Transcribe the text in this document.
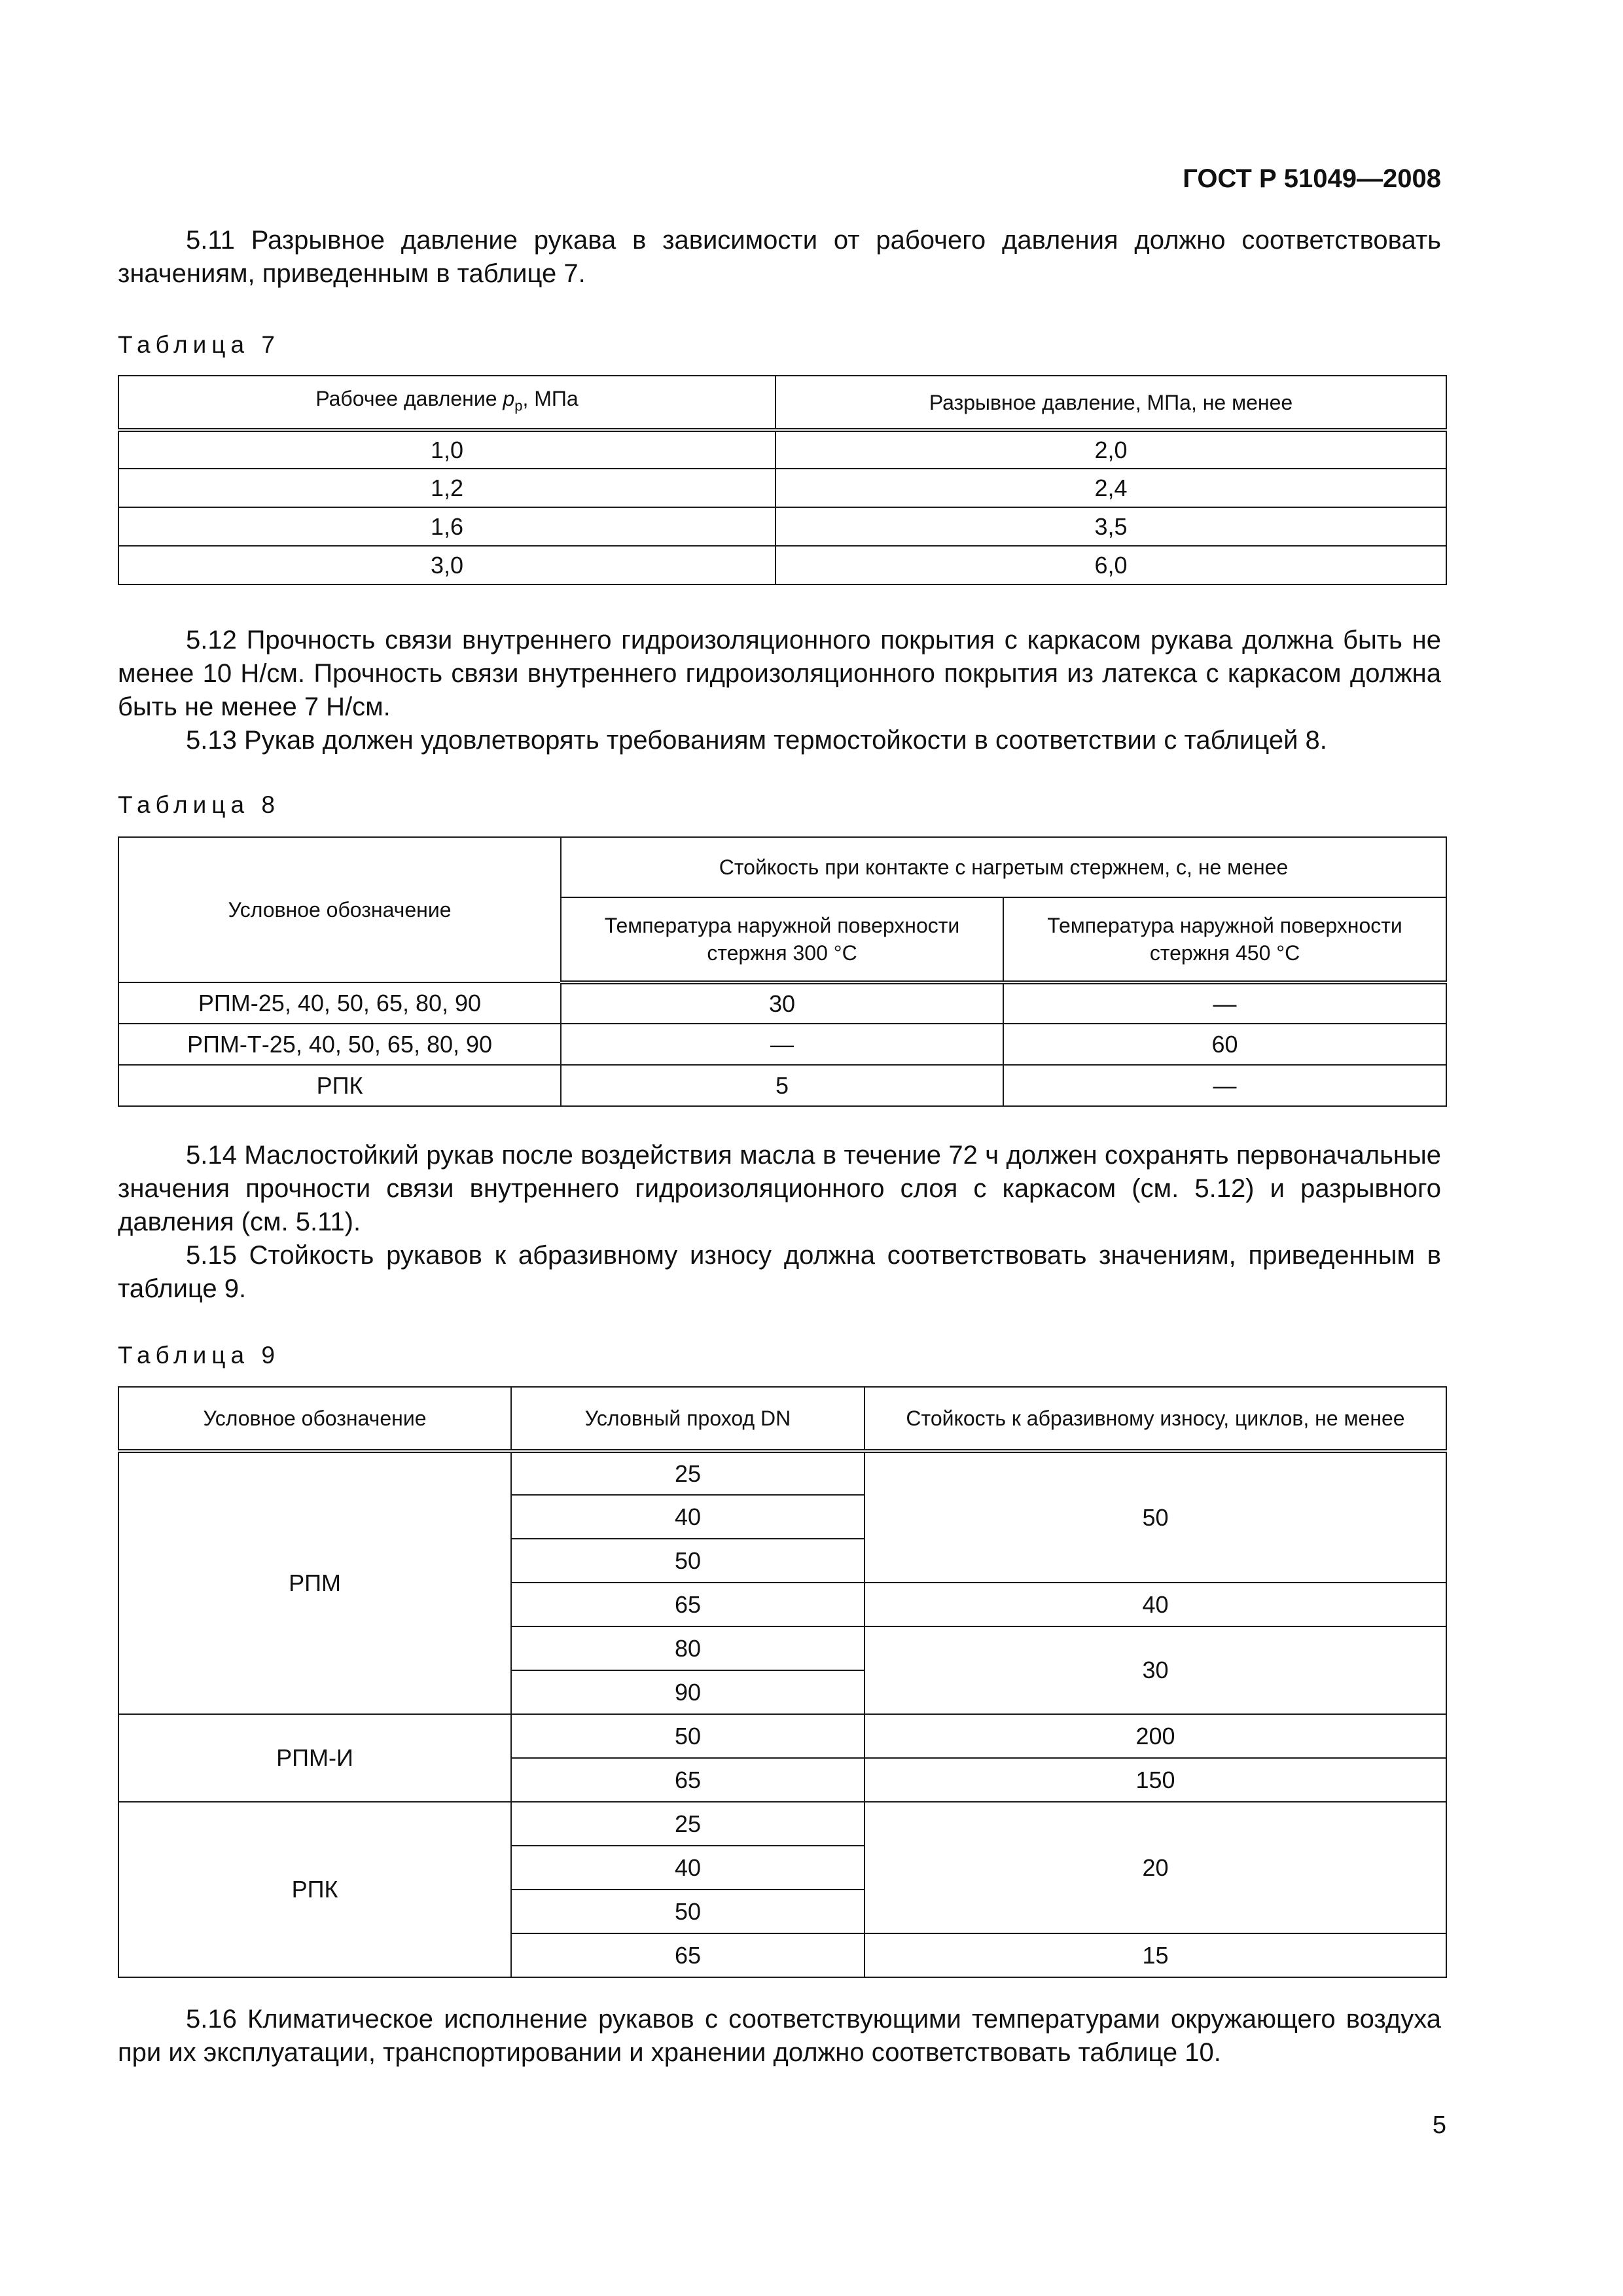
ГОСТ Р 51049—2008

5.11 Разрывное давление рукава в зависимости от рабочего давления должно соответствовать значениям, приведенным в таблице 7.

Таблица 7
Рабочее давление $p_р$, МПа	Разрывное давление, МПа, не менее
1,0	2,0
1,2	2,4
1,6	3,5
3,0	6,0

5.12 Прочность связи внутреннего гидроизоляционного покрытия с каркасом рукава должна быть не менее 10 Н/см. Прочность связи внутреннего гидроизоляционного покрытия из латекса с каркасом должна быть не менее 7 Н/см.

5.13 Рукав должен удовлетворять требованиям термостойкости в соответствии с таблицей 8.

Таблица 8
Условное обозначение	Стойкость при контакте с нагретым стержнем, с, не менее	
	Температура наружной поверхности стержня 300 °С	Температура наружной поверхности стержня 450 °С
РПМ-25, 40, 50, 65, 80, 90	30	—
РПМ-Т-25, 40, 50, 65, 80, 90	—	60
РПК	5	—

5.14 Маслостойкий рукав после воздействия масла в течение 72 ч должен сохранять первоначальные значения прочности связи внутреннего гидроизоляционного слоя с каркасом (см. 5.12) и разрывного давления (см. 5.11).

5.15 Стойкость рукавов к абразивному износу должна соответствовать значениям, приведенным в таблице 9.

Таблица 9
Условное обозначение	Условный проход DN	Стойкость к абразивному износу, циклов, не менее
РПМ	25	50
	40	
	50	
	65	40
	80	30
	90	
РПМ-И	50	200
	65	150
РПК	25	20
	40	
	50	
	65	15

5.16 Климатическое исполнение рукавов с соответствующими температурами окружающего воздуха при их эксплуатации, транспортировании и хранении должно соответствовать таблице 10.

5
